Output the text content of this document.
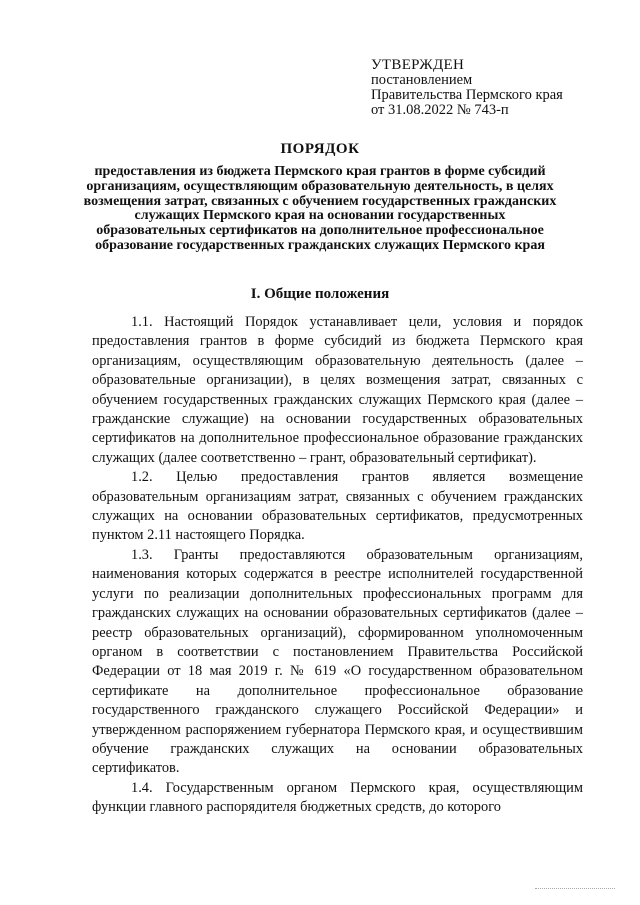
УТВЕРЖДЕН
постановлением
Правительства Пермского края
от 31.08.2022 № 743-п
ПОРЯДОК
предоставления из бюджета Пермского края грантов в форме субсидий организациям, осуществляющим образовательную деятельность, в целях возмещения затрат, связанных с обучением государственных гражданских служащих Пермского края на основании государственных образовательных сертификатов на дополнительное профессиональное образование государственных гражданских служащих Пермского края
I. Общие положения

1.1. Настоящий Порядок устанавливает цели, условия и порядок предоставления грантов в форме субсидий из бюджета Пермского края организациям, осуществляющим образовательную деятельность (далее – образовательные организации), в целях возмещения затрат, связанных с обучением государственных гражданских служащих Пермского края (далее – гражданские служащие) на основании государственных образовательных сертификатов на дополнительное профессиональное образование гражданских служащих (далее соответственно – грант, образовательный сертификат).

1.2. Целью предоставления грантов является возмещение образовательным организациям затрат, связанных с обучением гражданских служащих на основании образовательных сертификатов, предусмотренных пунктом 2.11 настоящего Порядка.

1.3. Гранты предоставляются образовательным организациям, наименования которых содержатся в реестре исполнителей государственной услуги по реализации дополнительных профессиональных программ для гражданских служащих на основании образовательных сертификатов (далее – реестр образовательных организаций), сформированном уполномоченным органом в соответствии с постановлением Правительства Российской Федерации от 18 мая 2019 г. № 619 «О государственном образовательном сертификате на дополнительное профессиональное образование государственного гражданского служащего Российской Федерации» и утвержденном распоряжением губернатора Пермского края, и осуществившим обучение гражданских служащих на основании образовательных сертификатов.

1.4. Государственным органом Пермского края, осуществляющим функции главного распорядителя бюджетных средств, до которого
